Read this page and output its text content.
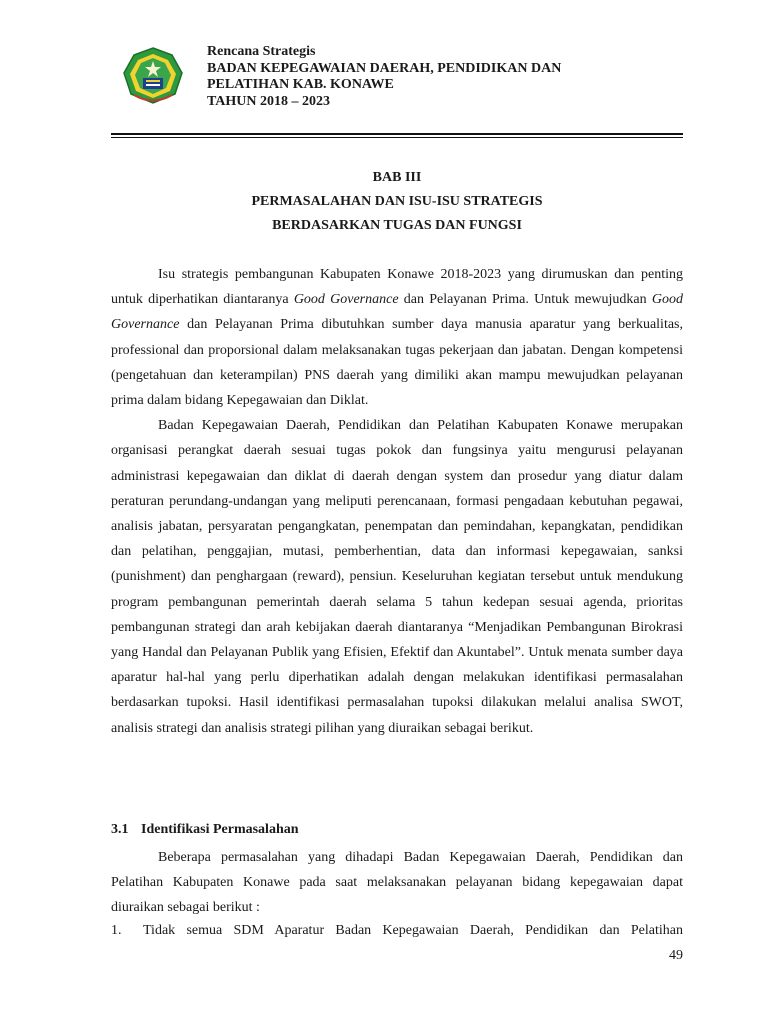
Rencana Strategis
BADAN KEPEGAWAIAN DAERAH, PENDIDIKAN DAN
PELATIHAN KAB. KONAWE
TAHUN 2018 – 2023
BAB III
PERMASALAHAN DAN ISU-ISU STRATEGIS
BERDASARKAN TUGAS DAN FUNGSI

Isu strategis pembangunan Kabupaten Konawe 2018-2023 yang dirumuskan dan penting untuk diperhatikan diantaranya Good Governance dan Pelayanan Prima. Untuk mewujudkan Good Governance dan Pelayanan Prima dibutuhkan sumber daya manusia aparatur yang berkualitas, professional dan proporsional dalam melaksanakan tugas pekerjaan dan jabatan. Dengan kompetensi (pengetahuan dan keterampilan) PNS daerah yang dimiliki akan mampu mewujudkan pelayanan prima dalam bidang Kepegawaian dan Diklat.

Badan Kepegawaian Daerah, Pendidikan dan Pelatihan Kabupaten Konawe merupakan organisasi perangkat daerah sesuai tugas pokok dan fungsinya yaitu mengurusi pelayanan administrasi kepegawaian dan diklat di daerah dengan system dan prosedur yang diatur dalam peraturan perundang-undangan yang meliputi perencanaan, formasi pengadaan kebutuhan pegawai, analisis jabatan, persyaratan pengangkatan, penempatan dan pemindahan, kepangkatan, pendidikan dan pelatihan, penggajian, mutasi, pemberhentian, data dan informasi kepegawaian, sanksi (punishment) dan penghargaan (reward), pensiun. Keseluruhan kegiatan tersebut untuk mendukung program pembangunan pemerintah daerah selama 5 tahun kedepan sesuai agenda, prioritas pembangunan strategi dan arah kebijakan daerah diantaranya “Menjadikan Pembangunan Birokrasi yang Handal dan Pelayanan Publik yang Efisien, Efektif dan Akuntabel”. Untuk menata sumber daya aparatur hal-hal yang perlu diperhatikan adalah dengan melakukan identifikasi permasalahan berdasarkan tupoksi. Hasil identifikasi permasalahan tupoksi dilakukan melalui analisa SWOT, analisis strategi dan analisis strategi pilihan yang diuraikan sebagai berikut.

3.1 Identifikasi Permasalahan

Beberapa permasalahan yang dihadapi Badan Kepegawaian Daerah, Pendidikan dan Pelatihan Kabupaten Konawe pada saat melaksanakan pelayanan bidang kepegawaian dapat diuraikan sebagai berikut :

1. Tidak semua SDM Aparatur Badan Kepegawaian Daerah, Pendidikan dan Pelatihan
49
